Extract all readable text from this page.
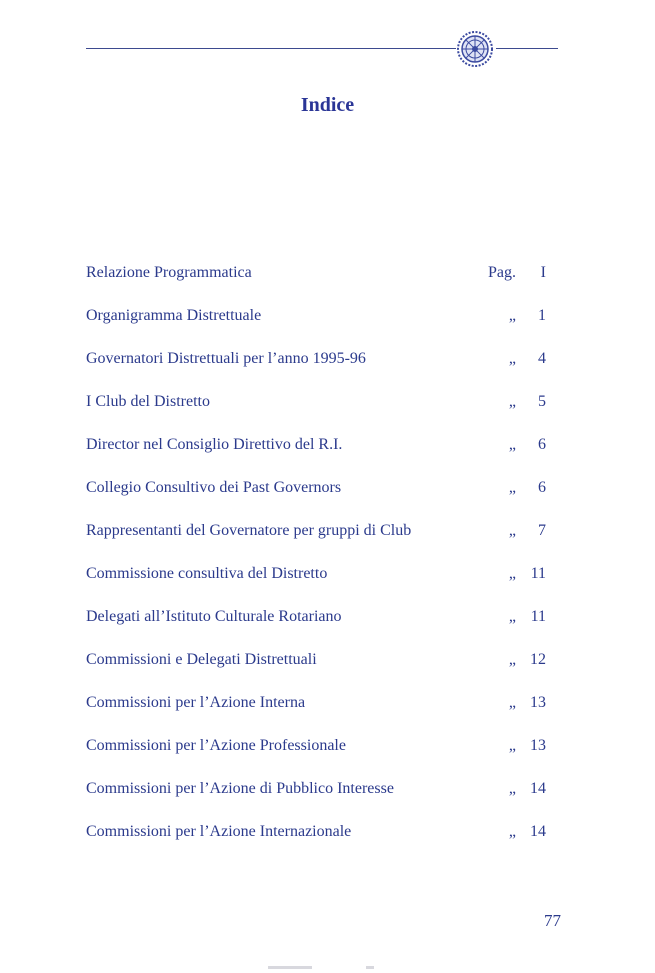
Indice
Relazione Programmatica	Pag.	I
Organigramma Distrettuale	„	1
Governatori Distrettuali per l’anno 1995-96	„	4
I Club del Distretto	„	5
Director nel Consiglio Direttivo del R.I.	„	6
Collegio Consultivo dei Past Governors	„	6
Rappresentanti del Governatore per gruppi di Club	„	7
Commissione consultiva del Distretto	„ 11
Delegati all’Istituto Culturale Rotariano	„ 11
Commissioni e Delegati Distrettuali	„ 12
Commissioni per l’Azione Interna	„ 13
Commissioni per l’Azione Professionale	„ 13
Commissioni per l’Azione di Pubblico Interesse	„ 14
Commissioni per l’Azione Internazionale	„ 14
77
